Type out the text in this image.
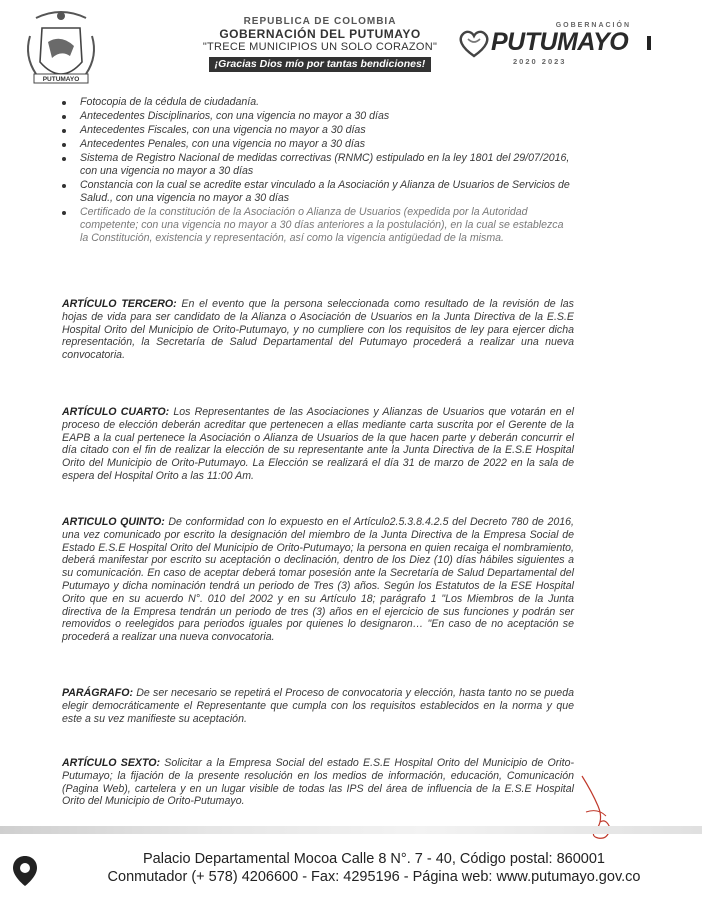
PUTUMAYO
REPUBLICA DE COLOMBIA
GOBERNACIÓN DEL PUTUMAYO
"TRECE MUNICIPIOS UN SOLO CORAZON"
¡Gracias Dios mío por tantas bendiciones!
GOBERNACIÓN
PUTUMAYO
2020 2023
Fotocopia de la cédula de ciudadanía.
Antecedentes Disciplinarios, con una vigencia no mayor a 30 días
Antecedentes Fiscales, con una vigencia no mayor a 30 días
Antecedentes Penales, con una vigencia no mayor a 30 días
Sistema de Registro Nacional de medidas correctivas (RNMC) estipulado en la ley 1801 del 29/07/2016, con una vigencia no mayor a 30 días
Constancia con la cual se acredite estar vinculado a la Asociación y Alianza de Usuarios de Servicios de Salud., con una vigencia no mayor a 30 días
Certificado de la constitución de la Asociación o Alianza de Usuarios (expedida por la Autoridad competente; con una vigencia no mayor a 30 días anteriores a la postulación), en la cual se establezca la Constitución, existencia y representación, así como la vigencia antigüedad de la misma.

ARTÍCULO TERCERO: En el evento que la persona seleccionada como resultado de la revisión de las hojas de vida para ser candidato de la Alianza o Asociación de Usuarios en la Junta Directiva de la E.S.E Hospital Orito del Municipio de Orito-Putumayo, y no cumpliere con los requisitos de ley para ejercer dicha representación, la Secretaría de Salud Departamental del Putumayo procederá a realizar una nueva convocatoria.

ARTÍCULO CUARTO: Los Representantes de las Asociaciones y Alianzas de Usuarios que votarán en el proceso de elección deberán acreditar que pertenecen a ellas mediante carta suscrita por el Gerente de la EAPB a la cual pertenece la Asociación o Alianza de Usuarios de la que hacen parte y deberán concurrir el día citado con el fin de realizar la elección de su representante ante la Junta Directiva de la E.S.E Hospital Orito del Municipio de Orito-Putumayo. La Elección se realizará el día 31 de marzo de 2022 en la sala de espera del Hospital Orito a las 11:00 Am.

ARTICULO QUINTO: De conformidad con lo expuesto en el Artículo2.5.3.8.4.2.5 del Decreto 780 de 2016, una vez comunicado por escrito la designación del miembro de la Junta Directiva de la Empresa Social de Estado E.S.E Hospital Orito del Municipio de Orito-Putumayo; la persona en quien recaiga el nombramiento, deberá manifestar por escrito su aceptación o declinación, dentro de los Diez (10) días hábiles siguientes a su comunicación. En caso de aceptar deberá tomar posesión ante la Secretaría de Salud Departamental del Putumayo y dicha nominación tendrá un periodo de Tres (3) años. Según los Estatutos de la ESE Hospital Orito que en su acuerdo N°. 010 del 2002 y en su Artículo 18; parágrafo 1 "Los Miembros de la Junta directiva de la Empresa tendrán un periodo de tres (3) años en el ejercicio de sus funciones y podrán ser removidos o reelegidos para periodos iguales por quienes lo designaron… "En caso de no aceptación se procederá a realizar una nueva convocatoria.

PARÁGRAFO: De ser necesario se repetirá el Proceso de convocatoria y elección, hasta tanto no se pueda elegir democráticamente el Representante que cumpla con los requisitos establecidos en la norma y que este a su vez manifieste su aceptación.

ARTÍCULO SEXTO: Solicitar a la Empresa Social del estado E.S.E Hospital Orito del Municipio de Orito-Putumayo; la fijación de la presente resolución en los medios de información, educación, Comunicación (Pagina Web), cartelera y en un lugar visible de todas las IPS del área de influencia de la E.S.E Hospital Orito del Municipio de Orito-Putumayo.

Palacio Departamental Mocoa Calle 8 N°. 7 - 40, Código postal: 860001
Conmutador (+ 578) 4206600 - Fax: 4295196 - Página web: www.putumayo.gov.co
